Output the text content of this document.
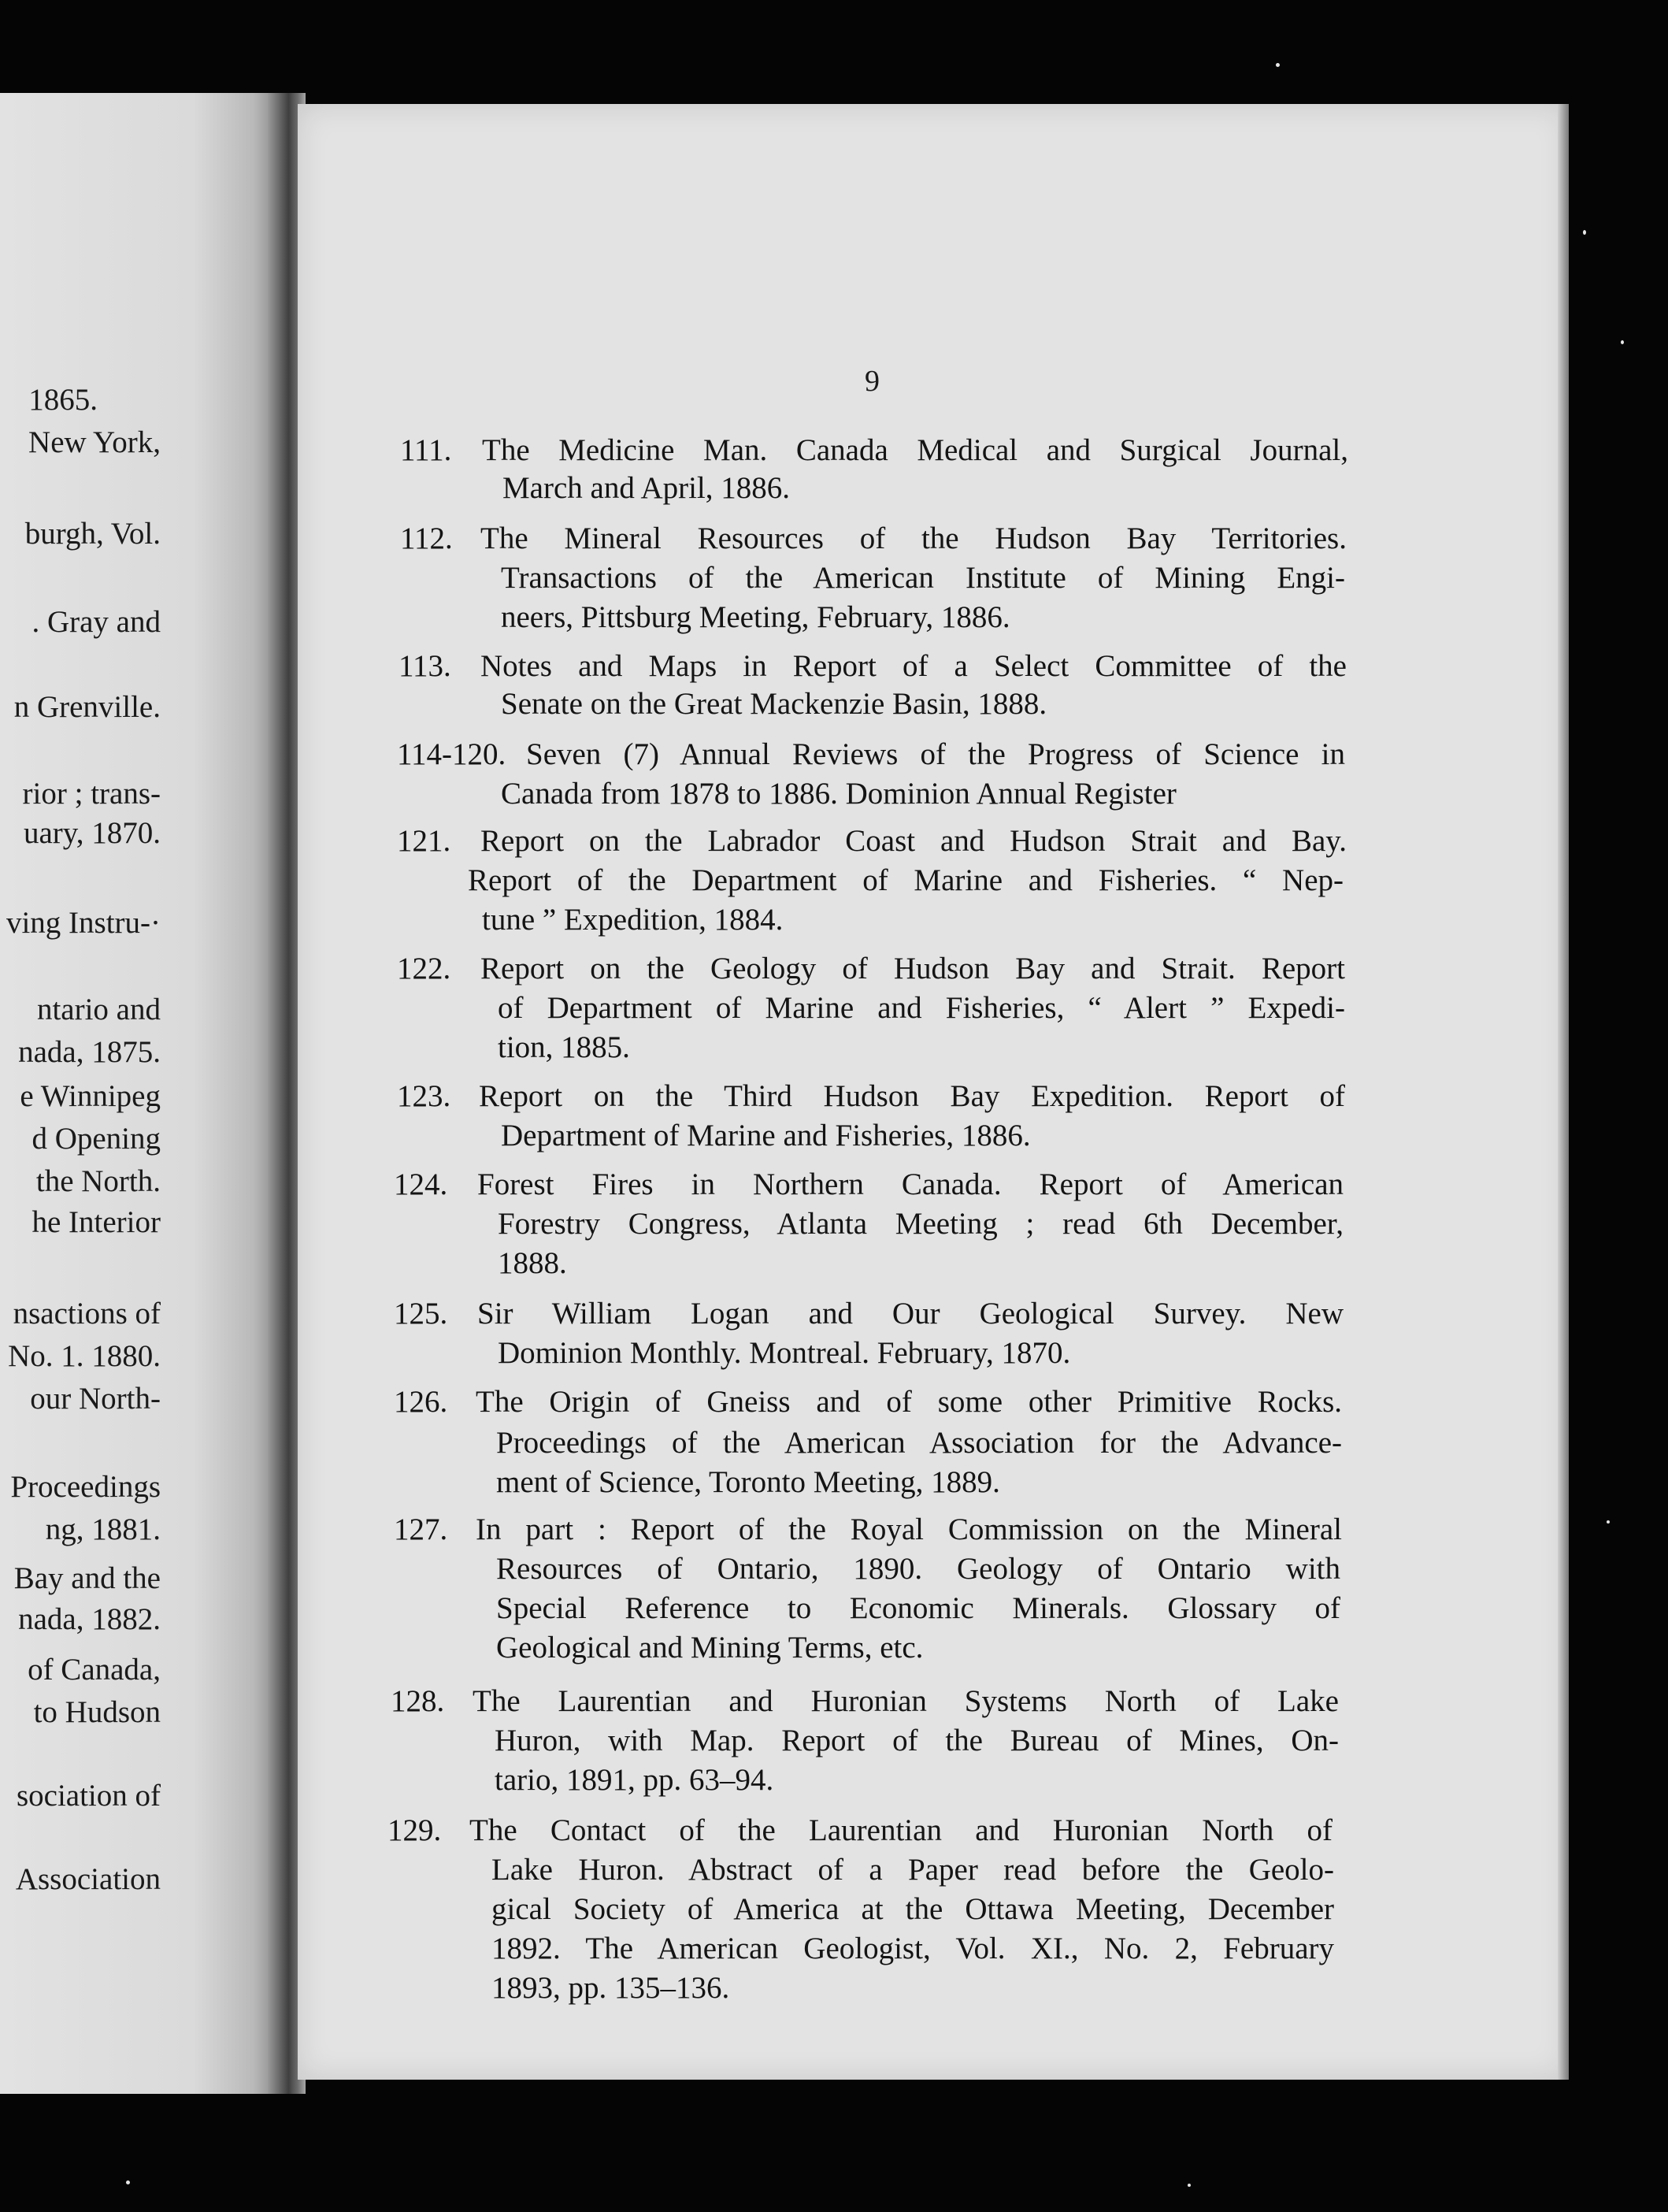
1865.
New York,
burgh, Vol.
. Gray and
n Grenville.
rior ; trans-
uary, 1870.
ving Instru-·
ntario and
nada, 1875.
e Winnipeg
d Opening
the North.
he Interior
nsactions of
No. 1. 1880.
our North-
Proceedings
ng, 1881.
Bay and the
nada, 1882.
of Canada,
to Hudson
sociation of
Association
9
111. The Medicine Man. Canada Medical and Surgical Journal,
March and April, 1886.
112. The Mineral Resources of the Hudson Bay Territories.
Transactions of the American Institute of Mining Engi-
neers, Pittsburg Meeting, February, 1886.
113. Notes and Maps in Report of a Select Committee of the
Senate on the Great Mackenzie Basin, 1888.
114-120. Seven (7) Annual Reviews of the Progress of Science in
Canada from 1878 to 1886. Dominion Annual Register
121. Report on the Labrador Coast and Hudson Strait and Bay.
Report of the Department of Marine and Fisheries. “ Nep-
tune ” Expedition, 1884.
122. Report on the Geology of Hudson Bay and Strait. Report
of Department of Marine and Fisheries, “ Alert ” Expedi-
tion, 1885.
123. Report on the Third Hudson Bay Expedition. Report of
Department of Marine and Fisheries, 1886.
124. Forest Fires in Northern Canada. Report of American
Forestry Congress, Atlanta Meeting ; read 6th December,
1888.
125. Sir William Logan and Our Geological Survey. New
Dominion Monthly. Montreal. February, 1870.
126. The Origin of Gneiss and of some other Primitive Rocks.
Proceedings of the American Association for the Advance-
ment of Science, Toronto Meeting, 1889.
127. In part : Report of the Royal Commission on the Mineral
Resources of Ontario, 1890. Geology of Ontario with
Special Reference to Economic Minerals. Glossary of
Geological and Mining Terms, etc.
128. The Laurentian and Huronian Systems North of Lake
Huron, with Map. Report of the Bureau of Mines, On-
tario, 1891, pp. 63–94.
129. The Contact of the Laurentian and Huronian North of
Lake Huron. Abstract of a Paper read before the Geolo-
gical Society of America at the Ottawa Meeting, December
1892. The American Geologist, Vol. XI., No. 2, February
1893, pp. 135–136.
